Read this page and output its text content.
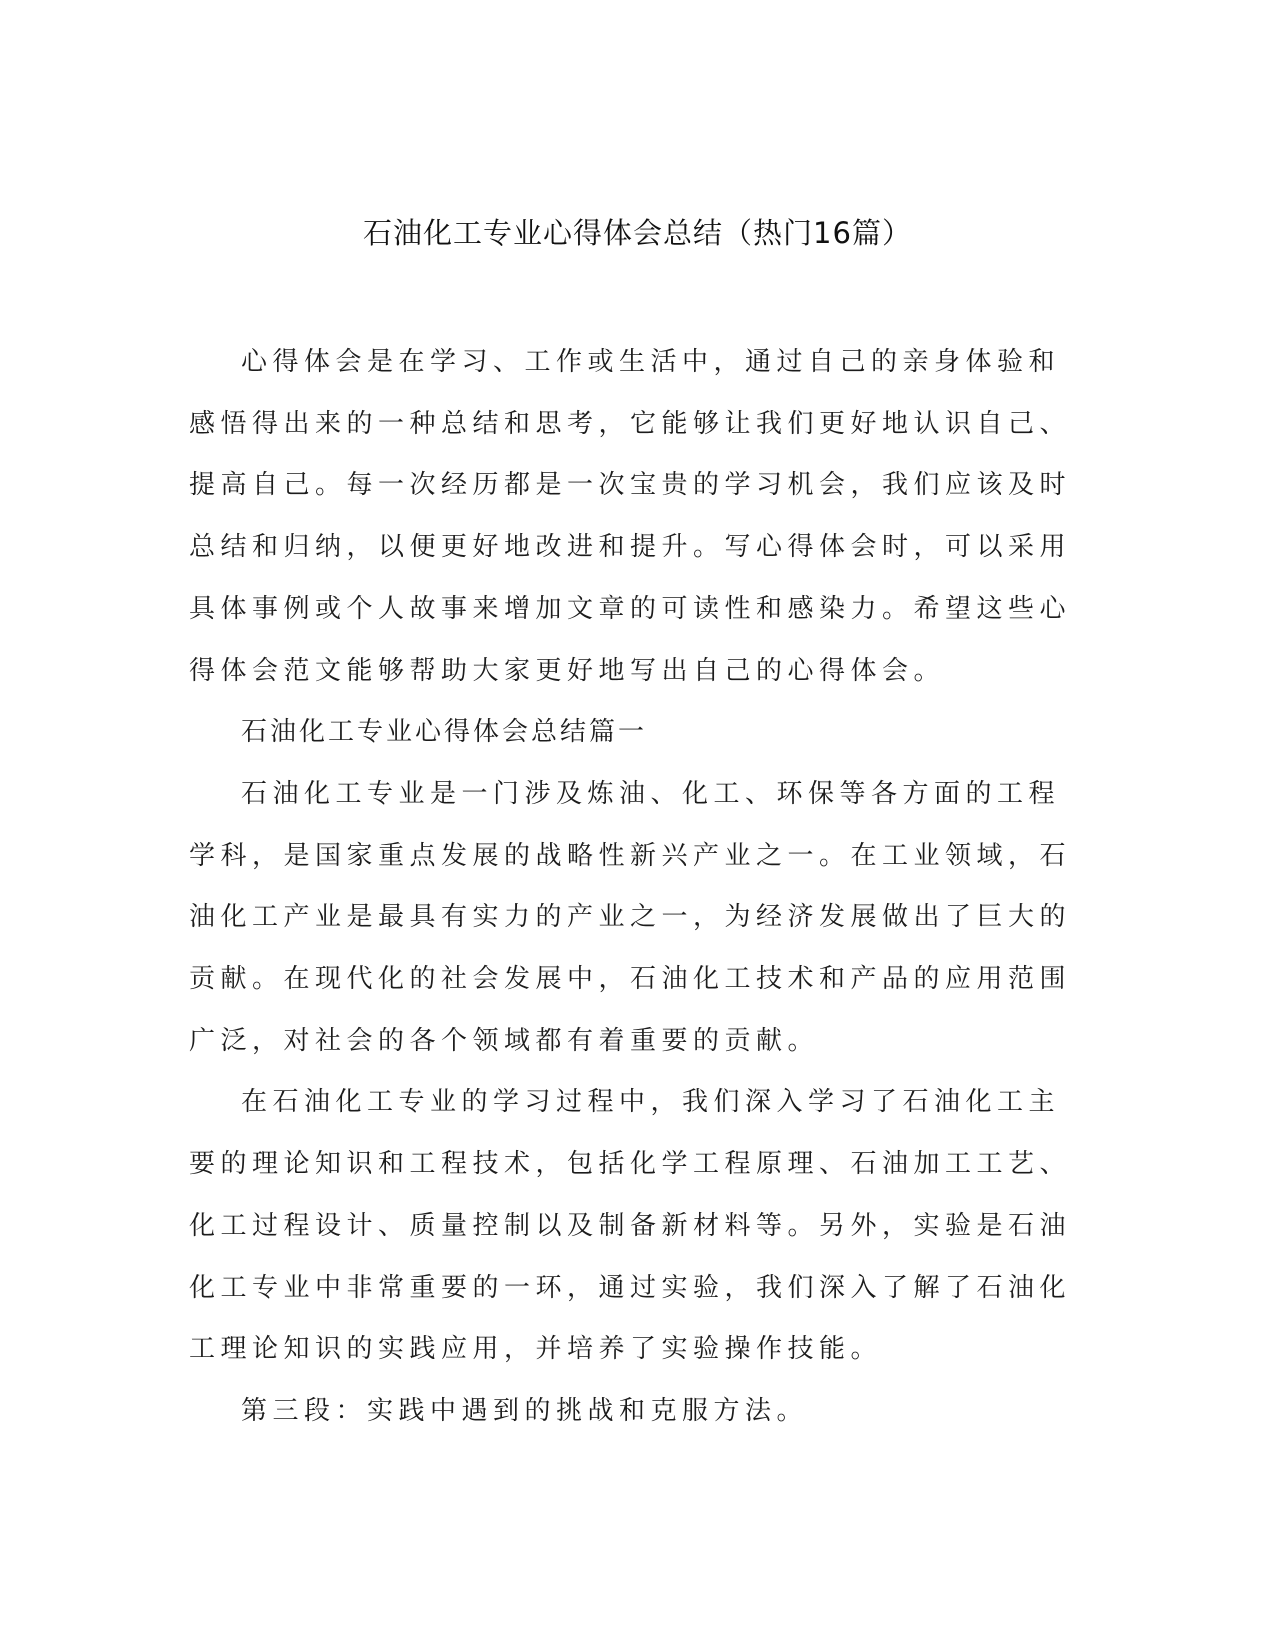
石油化工专业心得体会总结（热门16篇）

心得体会是在学习、工作或生活中，通过自己的亲身体验和感悟得出来的一种总结和思考，它能够让我们更好地认识自己、提高自己。每一次经历都是一次宝贵的学习机会，我们应该及时总结和归纳，以便更好地改进和提升。写心得体会时，可以采用具体事例或个人故事来增加文章的可读性和感染力。希望这些心得体会范文能够帮助大家更好地写出自己的心得体会。

石油化工专业心得体会总结篇一

石油化工专业是一门涉及炼油、化工、环保等各方面的工程学科，是国家重点发展的战略性新兴产业之一。在工业领域，石油化工产业是最具有实力的产业之一，为经济发展做出了巨大的贡献。在现代化的社会发展中，石油化工技术和产品的应用范围广泛，对社会的各个领域都有着重要的贡献。

在石油化工专业的学习过程中，我们深入学习了石油化工主要的理论知识和工程技术，包括化学工程原理、石油加工工艺、化工过程设计、质量控制以及制备新材料等。另外，实验是石油化工专业中非常重要的一环，通过实验，我们深入了解了石油化工理论知识的实践应用，并培养了实验操作技能。

第三段：实践中遇到的挑战和克服方法。
